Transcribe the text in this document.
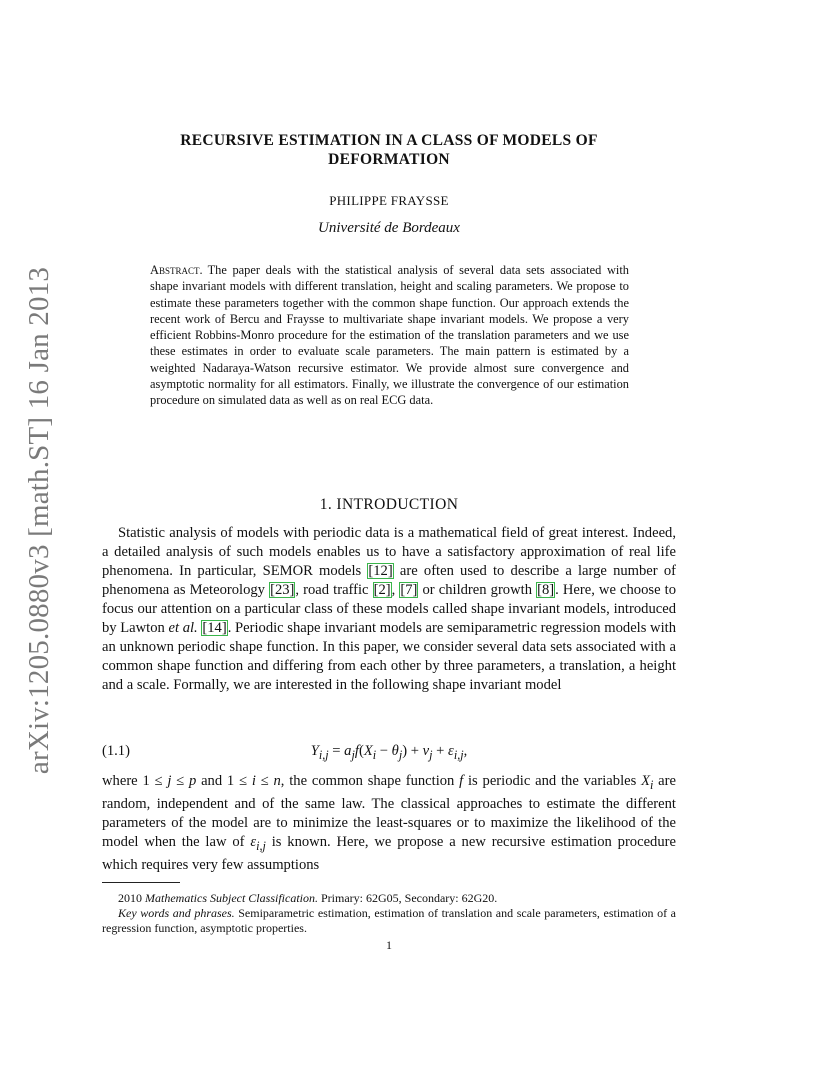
arXiv:1205.0880v3 [math.ST] 16 Jan 2013
RECURSIVE ESTIMATION IN A CLASS OF MODELS OF
DEFORMATION
PHILIPPE FRAYSSE
Université de Bordeaux
Abstract. The paper deals with the statistical analysis of several data sets associated with shape invariant models with different translation, height and scaling parameters. We propose to estimate these parameters together with the common shape function. Our approach extends the recent work of Bercu and Fraysse to multivariate shape invariant models. We propose a very efficient Robbins-Monro procedure for the estimation of the translation parameters and we use these estimates in order to evaluate scale parameters. The main pattern is estimated by a weighted Nadaraya-Watson recursive estimator. We provide almost sure convergence and asymptotic normality for all estimators. Finally, we illustrate the convergence of our estimation procedure on simulated data as well as on real ECG data.
1. INTRODUCTION
Statistic analysis of models with periodic data is a mathematical field of great interest. Indeed, a detailed analysis of such models enables us to have a satisfactory approximation of real life phenomena. In particular, SEMOR models [12] are often used to describe a large number of phenomena as Meteorology [23], road traffic [2], [7] or children growth [8]. Here, we choose to focus our attention on a particular class of these models called shape invariant models, introduced by Lawton et al. [14]. Periodic shape invariant models are semiparametric regression models with an unknown periodic shape function. In this paper, we consider several data sets associated with a common shape function and differing from each other by three parameters, a translation, a height and a scale. Formally, we are interested in the following shape invariant model
(1.1)	$Y_{i,j} = a_jf(X_i - \theta_j) + v_j + \varepsilon_{i,j}$,
where 1 ≤ j ≤ p and 1 ≤ i ≤ n, the common shape function f is periodic and the variables $X_i$ are random, independent and of the same law. The classical approaches to estimate the different parameters of the model are to minimize the least-squares or to maximize the likelihood of the model when the law of $\varepsilon_{i,j}$ is known. Here, we propose a new recursive estimation procedure which requires very few assumptions
2010 Mathematics Subject Classification. Primary: 62G05, Secondary: 62G20.
Key words and phrases. Semiparametric estimation, estimation of translation and scale parameters, estimation of a regression function, asymptotic properties.
1
